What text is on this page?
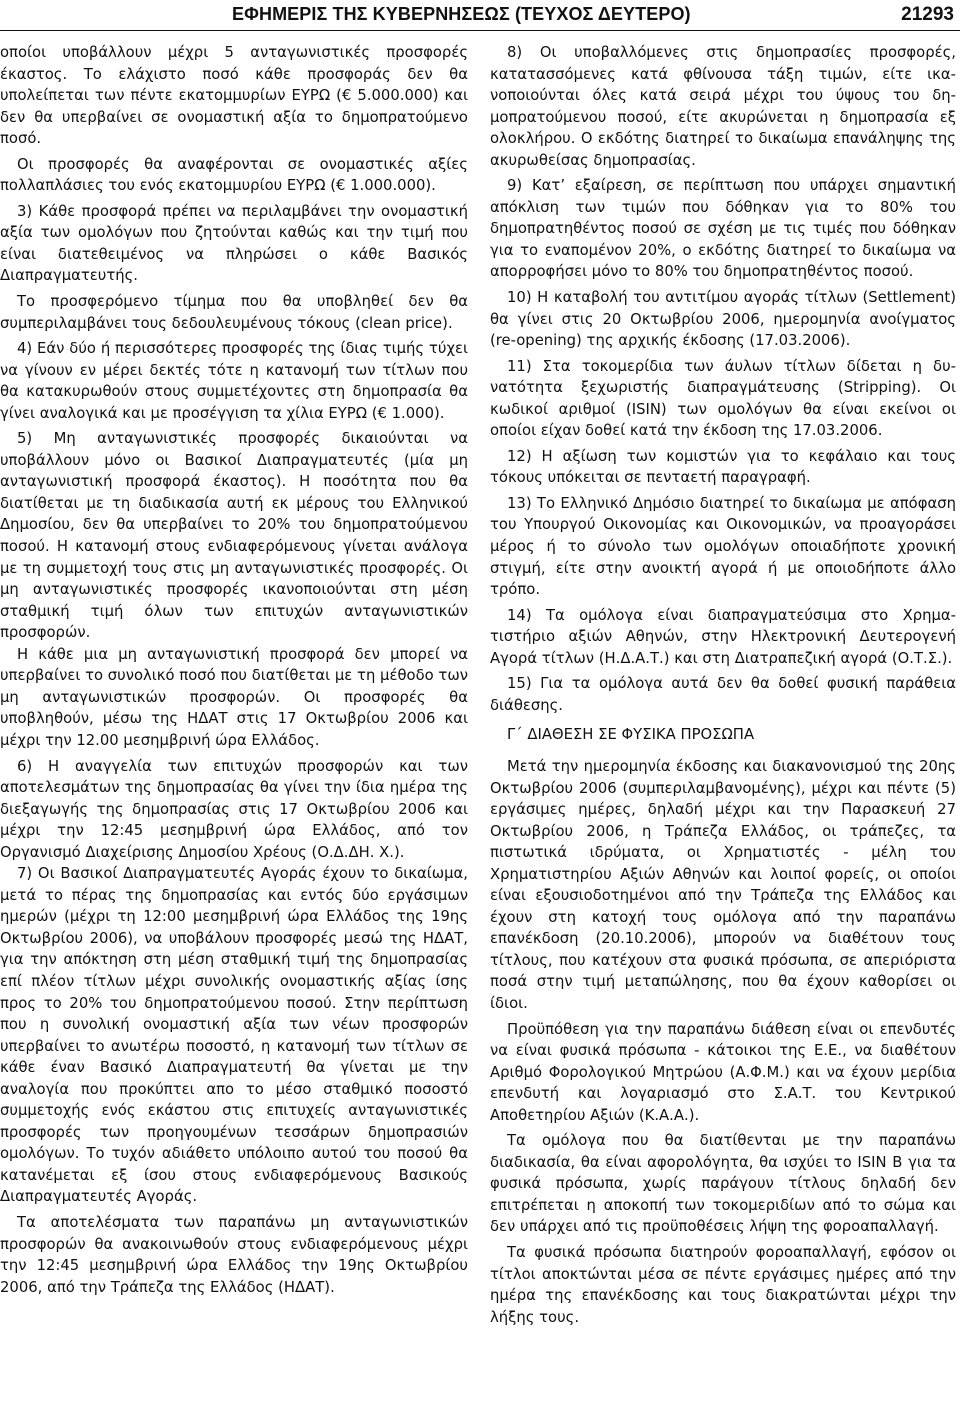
ΕΦΗΜΕΡΙΣ ΤΗΣ ΚΥΒΕΡΝΗΣΕΩΣ (ΤΕΥΧΟΣ ΔΕΥΤΕΡΟ)	21293

οποίοι υποβάλλουν μέχρι 5 ανταγωνιστικές προσφορές έκαστος. Το ελάχιστο ποσό κάθε προσφοράς δεν θα υπολείπεται των πέντε εκατομμυρίων ΕΥΡΩ (€ 5.000.000) και δεν θα υπερβαίνει σε ονομαστική αξία το δημοπρατούμενο ποσό.

Οι προσφορές θα αναφέρονται σε ονομαστικές αξίες πολλαπλάσιες του ενός εκατομμυρίου ΕΥΡΩ (€ 1.000.000).

3) Κάθε προσφορά πρέπει να περιλαμβάνει την ονομαστική αξία των ομολόγων που ζητούνται καθώς και την τιμή που είναι διατεθειμένος να πληρώσει ο κάθε Βασικός Διαπραγματευτής.

Το προσφερόμενο τίμημα που θα υποβληθεί δεν θα συμπεριλαμβάνει τους δεδουλευμένους τόκους (clean price).

4) Εάν δύο ή περισσότερες προσφορές της ίδιας τιμής τύχει να γίνουν εν μέρει δεκτές τότε η κατανομή των τίτλων που θα κατακυρωθούν στους συμμετέχοντες στη δημοπρασία θα γίνει αναλογικά και με προσέγγιση τα χίλια ΕΥΡΩ (€ 1.000).

5) Μη ανταγωνιστικές προσφορές δικαιούνται να υποβάλλουν μόνο οι Βασικοί Διαπραγματευτές (μία μη ανταγωνιστική προσφορά έκαστος). Η ποσότητα που θα διατίθεται με τη διαδικασία αυτή εκ μέρους του Ελληνικού Δημοσίου, δεν θα υπερβαίνει το 20% του δημοπρατούμενου ποσού. Η κατανομή στους ενδιαφερόμενους γίνεται ανάλογα με τη συμμετοχή τους στις μη ανταγωνιστικές προσφορές. Οι μη ανταγωνιστικές προσφορές ικανοποιούνται στη μέση σταθμική τιμή όλων των επιτυχών ανταγωνιστικών προσφορών.

Η κάθε μια μη ανταγωνιστική προσφορά δεν μπορεί να υπερβαίνει το συνολικό ποσό που διατίθεται με τη μέθοδο των μη ανταγωνιστικών προσφορών. Οι προσφορές θα υποβληθούν, μέσω της ΗΔΑΤ στις 17 Οκτωβρίου 2006 και μέχρι την 12.00 μεσημβρινή ώρα Ελλάδος.

6) Η αναγγελία των επιτυχών προσφορών και των αποτελεσμάτων της δημοπρασίας θα γίνει την ίδια ημέρα της διεξαγωγής της δημοπρασίας στις 17 Οκτωβρίου 2006 και μέχρι την 12:45 μεσημβρινή ώρα Ελλάδος, από τον Οργανισμό Διαχείρισης Δημοσίου Χρέους (Ο.Δ.ΔΗ. Χ.).

7) Οι Βασικοί Διαπραγματευτές Αγοράς έχουν το δικαίωμα, μετά το πέρας της δημοπρασίας και εντός δύο εργάσιμων ημερών (μέχρι τη 12:00 μεσημβρινή ώρα Ελλάδος της 19ης Οκτωβρίου 2006), να υποβάλουν προσφορές μεσώ της ΗΔΑΤ, για την απόκτηση στη μέση σταθμική τιμή της δημοπρασίας επί πλέον τίτλων μέχρι συνολικής ονομαστικής αξίας ίσης προς το 20% του δημοπρατούμενου ποσού. Στην περίπτωση που η συνολική ονομαστική αξία των νέων προσφορών υπερβαίνει το ανωτέρω ποσοστό, η κατανομή των τίτλων σε κάθε έναν Βασικό Διαπραγματευτή θα γίνεται με την αναλογία που προκύπτει απο το μέσο σταθμικό ποσοστό συμμετοχής ενός εκάστου στις επιτυχείς ανταγωνιστικές προσφορές των προηγουμένων τεσσάρων δημοπρασιών ομολόγων. Το τυχόν αδιάθετο υπόλοιπο αυτού του ποσού θα κατανέμεται εξ ίσου στους ενδιαφερόμενους Βασικούς Διαπραγματευτές Αγοράς.

Τα αποτελέσματα των παραπάνω μη ανταγωνιστικών προσφορών θα ανακοινωθούν στους ενδιαφερόμενους μέχρι την 12:45 μεσημβρινή ώρα Ελλάδος την 19ης Οκτωβρίου 2006, από την Τράπεζα της Ελλάδος (ΗΔΑΤ).

8) Οι υποβαλλόμενες στις δημοπρασίες προσφορές, κατατασσόμενες κατά φθίνουσα τάξη τιμών, είτε ικανοποιούνται όλες κατά σειρά μέχρι του ύψους του δημοπρατούμενου ποσού, είτε ακυρώνεται η δημοπρασία εξ ολοκλήρου. Ο εκδότης διατηρεί το δικαίωμα επανάληψης της ακυρωθείσας δημοπρασίας.

9) Κατ’ εξαίρεση, σε περίπτωση που υπάρχει σημαντική απόκλιση των τιμών που δόθηκαν για το 80% του δημοπρατηθέντος ποσού σε σχέση με τις τιμές που δόθηκαν για το εναπομένον 20%, ο εκδότης διατηρεί το δικαίωμα να απορροφήσει μόνο το 80% του δημοπρατηθέντος ποσού.

10) Η καταβολή του αντιτίμου αγοράς τίτλων (Settlement) θα γίνει στις 20 Οκτωβρίου 2006, ημερομηνία ανοίγματος (re-opening) της αρχικής έκδοσης (17.03.2006).

11) Στα τοκομερίδια των άυλων τίτλων δίδεται η δυνατότητα ξεχωριστής διαπραγμάτευσης (Stripping). Οι κωδικοί αριθμοί (ISIN) των ομολόγων θα είναι εκείνοι οι οποίοι είχαν δοθεί κατά την έκδοση της 17.03.2006.

12) Η αξίωση των κομιστών για το κεφάλαιο και τους τόκους υπόκειται σε πενταετή παραγραφή.

13) Το Ελληνικό Δημόσιο διατηρεί το δικαίωμα με απόφαση του Υπουργού Οικονομίας και Οικονομικών, να προαγοράσει μέρος ή το σύνολο των ομολόγων οποιαδήποτε χρονική στιγμή, είτε στην ανοικτή αγορά ή με οποιοδήποτε άλλο τρόπο.

14) Τα ομόλογα είναι διαπραγματεύσιμα στο Χρηματιστήριο αξιών Αθηνών, στην Ηλεκτρονική Δευτερογενή Αγορά τίτλων (Η.Δ.Α.Τ.) και στη Διατραπεζική αγορά (Ο.Τ.Σ.).

15) Για τα ομόλογα αυτά δεν θα δοθεί φυσική παράθεια διάθεσης.

Γ΄ ΔΙΑΘΕΣΗ ΣΕ ΦΥΣΙΚΑ ΠΡΟΣΩΠΑ

Μετά την ημερομηνία έκδοσης και διακανονισμού της 20ης Οκτωβρίου 2006 (συμπεριλαμβανομένης), μέχρι και πέντε (5) εργάσιμες ημέρες, δηλαδή μέχρι και την Παρασκευή 27 Οκτωβρίου 2006, η Τράπεζα Ελλάδος, οι τράπεζες, τα πιστωτικά ιδρύματα, οι Χρηματιστές - μέλη του Χρηματιστηρίου Αξιών Αθηνών και λοιποί φορείς, οι οποίοι είναι εξουσιοδοτημένοι από την Τράπεζα της Ελλάδος και έχουν στη κατοχή τους ομόλογα από την παραπάνω επανέκδοση (20.10.2006), μπορούν να διαθέτουν τους τίτλους, που κατέχουν στα φυσικά πρόσωπα, σε απεριόριστα ποσά στην τιμή μεταπώλησης, που θα έχουν καθορίσει οι ίδιοι.

Προϋπόθεση για την παραπάνω διάθεση είναι οι επενδυτές να είναι φυσικά πρόσωπα - κάτοικοι της Ε.Ε., να διαθέτουν Αριθμό Φορολογικού Μητρώου (Α.Φ.Μ.) και να έχουν μερίδια επενδυτή και λογαριασμό στο Σ.Α.Τ. του Κεντρικού Αποθετηρίου Αξιών (Κ.Α.Α.).

Τα ομόλογα που θα διατίθενται με την παραπάνω διαδικασία, θα είναι αφορολόγητα, θα ισχύει το ISIN B για τα φυσικά πρόσωπα, χωρίς παράγουν τίτλους δηλαδή δεν επιτρέπεται η αποκοπή των τοκομεριδίων από το σώμα και δεν υπάρχει από τις προϋποθέσεις λήψη της φοροαπαλλαγή.

Τα φυσικά πρόσωπα διατηρούν φοροαπαλλαγή, εφόσον οι τίτλοι αποκτώνται μέσα σε πέντε εργάσιμες ημέρες από την ημέρα της επανέκδοσης και τους διακρατώνται μέχρι την λήξης τους.
